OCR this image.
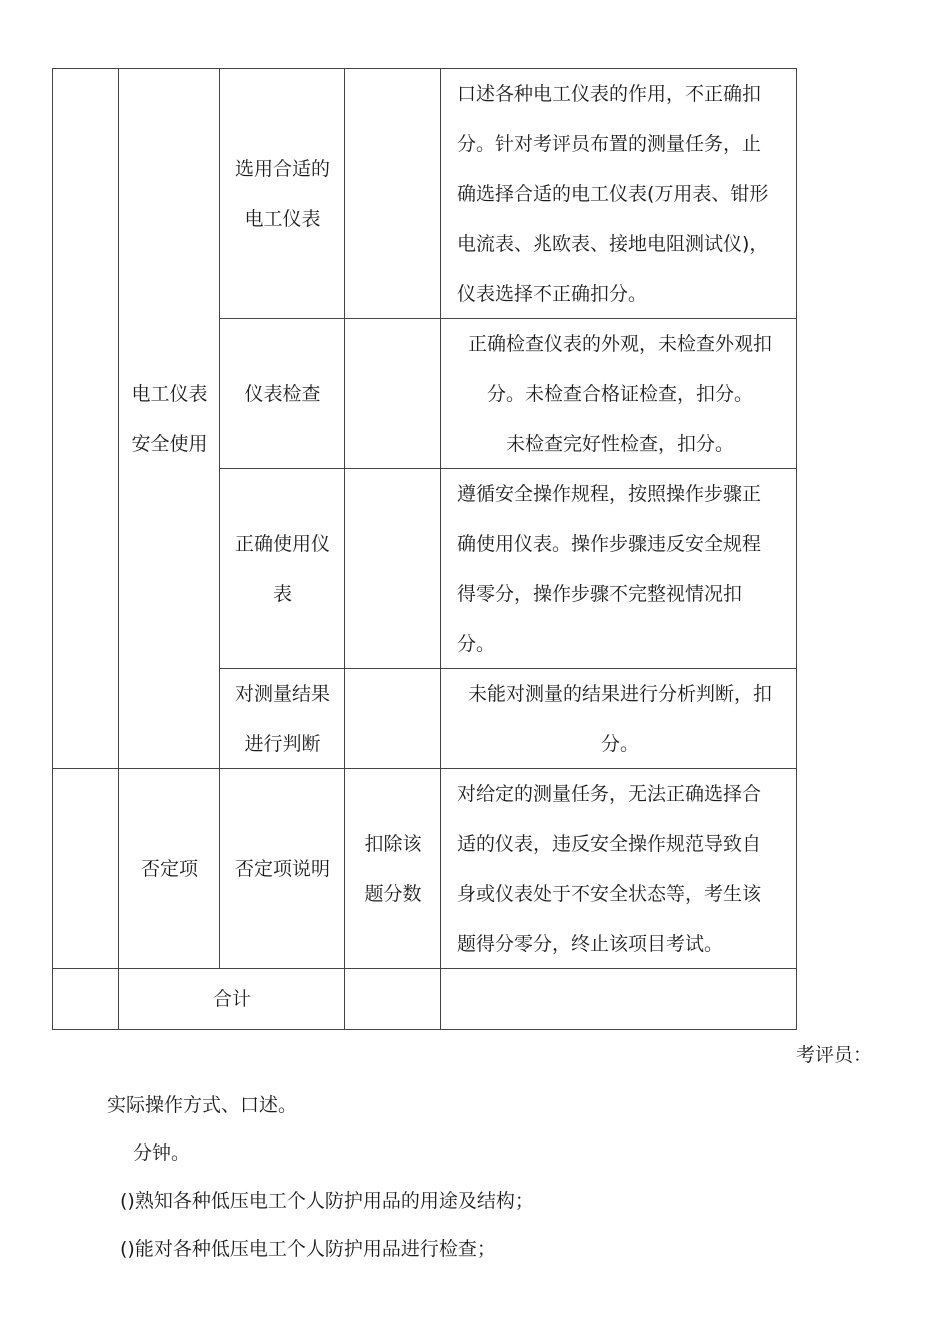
电工仪表
安全使用
选用合适的
电工仪表
口述各种电工仪表的作用，不正确扣
分。针对考评员布置的测量任务，止
确选择合适的电工仪表(万用表、钳形
电流表、兆欧表、接地电阻测试仪)，
仪表选择不正确扣分。
仪表检查
正确检查仪表的外观，未检查外观扣
分。未检查合格证检查，扣分。
未检查完好性检查，扣分。
正确使用仪
表
遵循安全操作规程，按照操作步骤正
确使用仪表。操作步骤违反安全规程
得零分，操作步骤不完整视情况扣
分。
对测量结果
进行判断
未能对测量的结果进行分析判断，扣
分。
否定项 否定项说明
扣除该
题分数
对给定的测量任务，无法正确选择合
适的仪表，违反安全操作规范导致自
身或仪表处于不安全状态等，考生该
题得分零分，终止该项目考试。
合计
考评员：
实际操作方式、口述。
分钟。
()熟知各种低压电工个人防护用品的用途及结构；
()能对各种低压电工个人防护用品进行检查；
